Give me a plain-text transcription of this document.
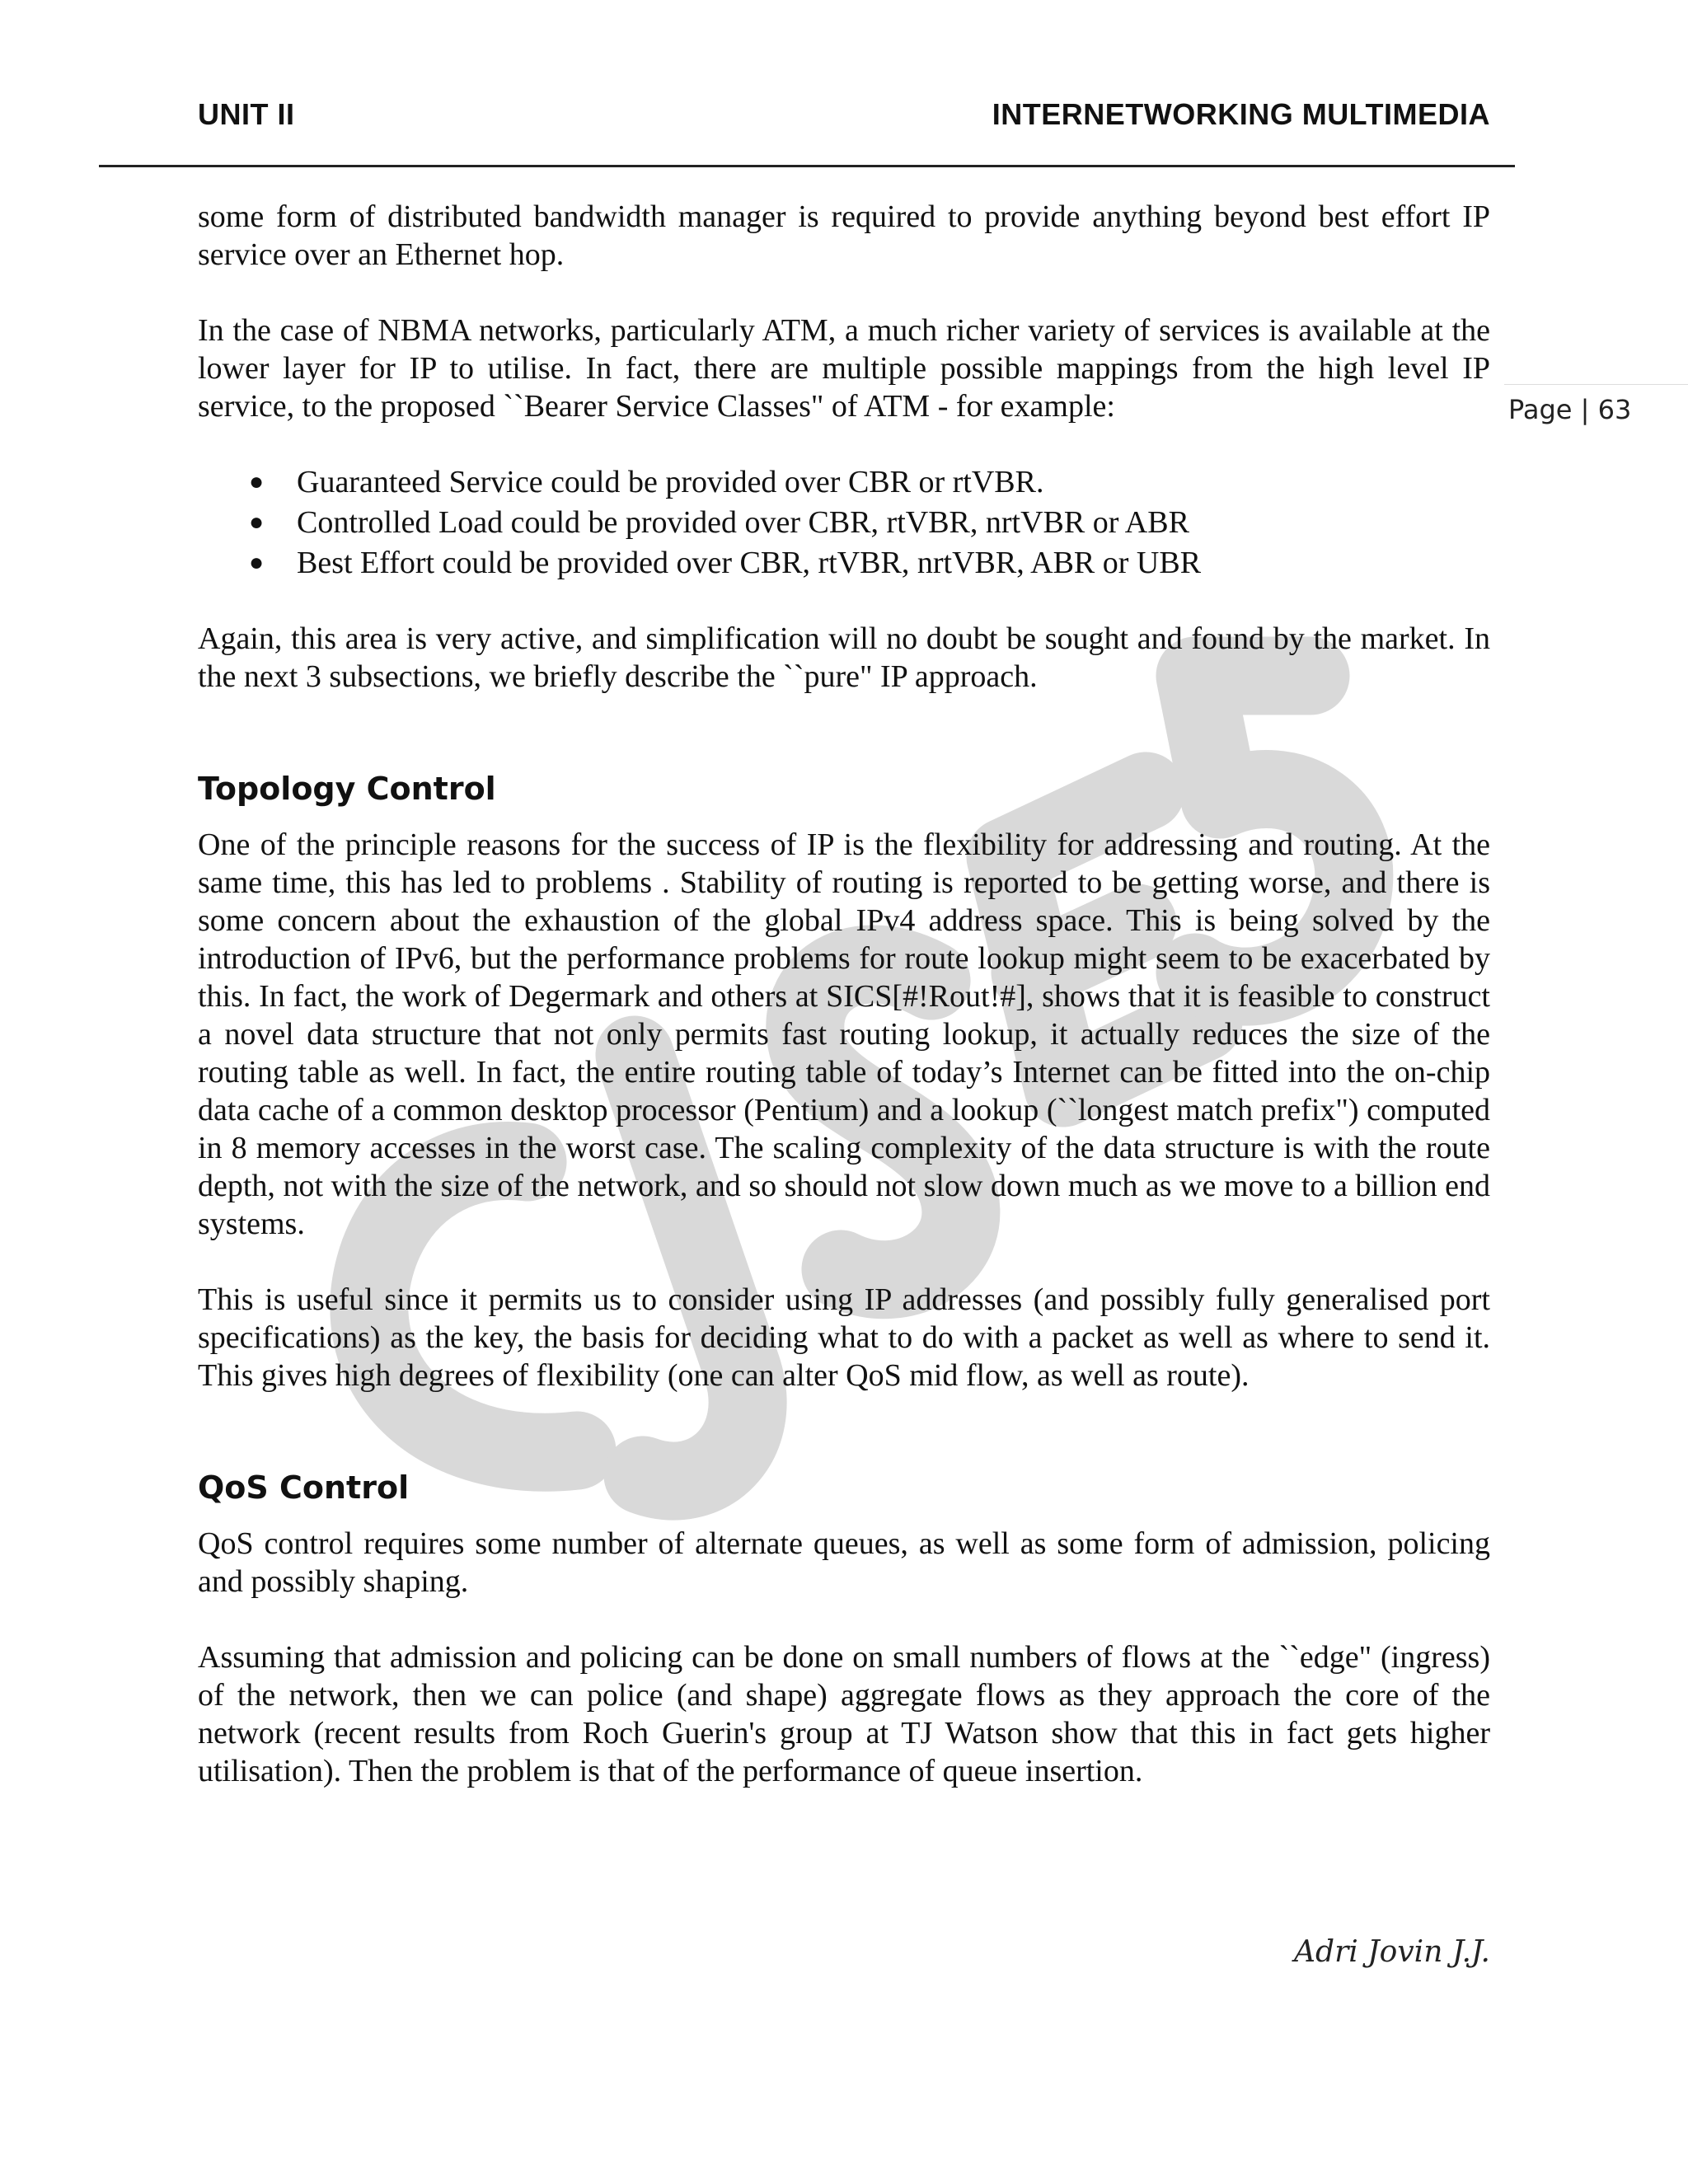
UNIT II	INTERNETWORKING MULTIMEDIA
Page | 63

some form of distributed bandwidth manager is required to provide anything beyond best effort IP service over an Ethernet hop.

In the case of NBMA networks, particularly ATM, a much richer variety of services is available at the lower layer for IP to utilise. In fact, there are multiple possible mappings from the high level IP service, to the proposed ``Bearer Service Classes" of ATM - for example:

● Guaranteed Service could be provided over CBR or rtVBR.
● Controlled Load could be provided over CBR, rtVBR, nrtVBR or ABR
● Best Effort could be provided over CBR, rtVBR, nrtVBR, ABR or UBR

Again, this area is very active, and simplification will no doubt be sought and found by the market. In the next 3 subsections, we briefly describe the ``pure" IP approach.

Topology Control

One of the principle reasons for the success of IP is the flexibility for addressing and routing. At the same time, this has led to problems . Stability of routing is reported to be getting worse, and there is some concern about the exhaustion of the global IPv4 address space. This is being solved by the introduction of IPv6, but the performance problems for route lookup might seem to be exacerbated by this. In fact, the work of Degermark and others at SICS[#!Rout!#], shows that it is feasible to construct a novel data structure that not only permits fast routing lookup, it actually reduces the size of the routing table as well. In fact, the entire routing table of today’s Internet can be fitted into the on-chip data cache of a common desktop processor (Pentium) and a lookup (``longest match prefix") computed in 8 memory accesses in the worst case. The scaling complexity of the data structure is with the route depth, not with the size of the network, and so should not slow down much as we move to a billion end systems.

This is useful since it permits us to consider using IP addresses (and possibly fully generalised port specifications) as the key, the basis for deciding what to do with a packet as well as where to send it. This gives high degrees of flexibility (one can alter QoS mid flow, as well as route).

QoS Control

QoS control requires some number of alternate queues, as well as some form of admission, policing and possibly shaping.

Assuming that admission and policing can be done on small numbers of flows at the ``edge" (ingress) of the network, then we can police (and shape) aggregate flows as they approach the core of the network (recent results from Roch Guerin's group at TJ Watson show that this in fact gets higher utilisation). Then the problem is that of the performance of queue insertion.

Adri Jovin J.J.
